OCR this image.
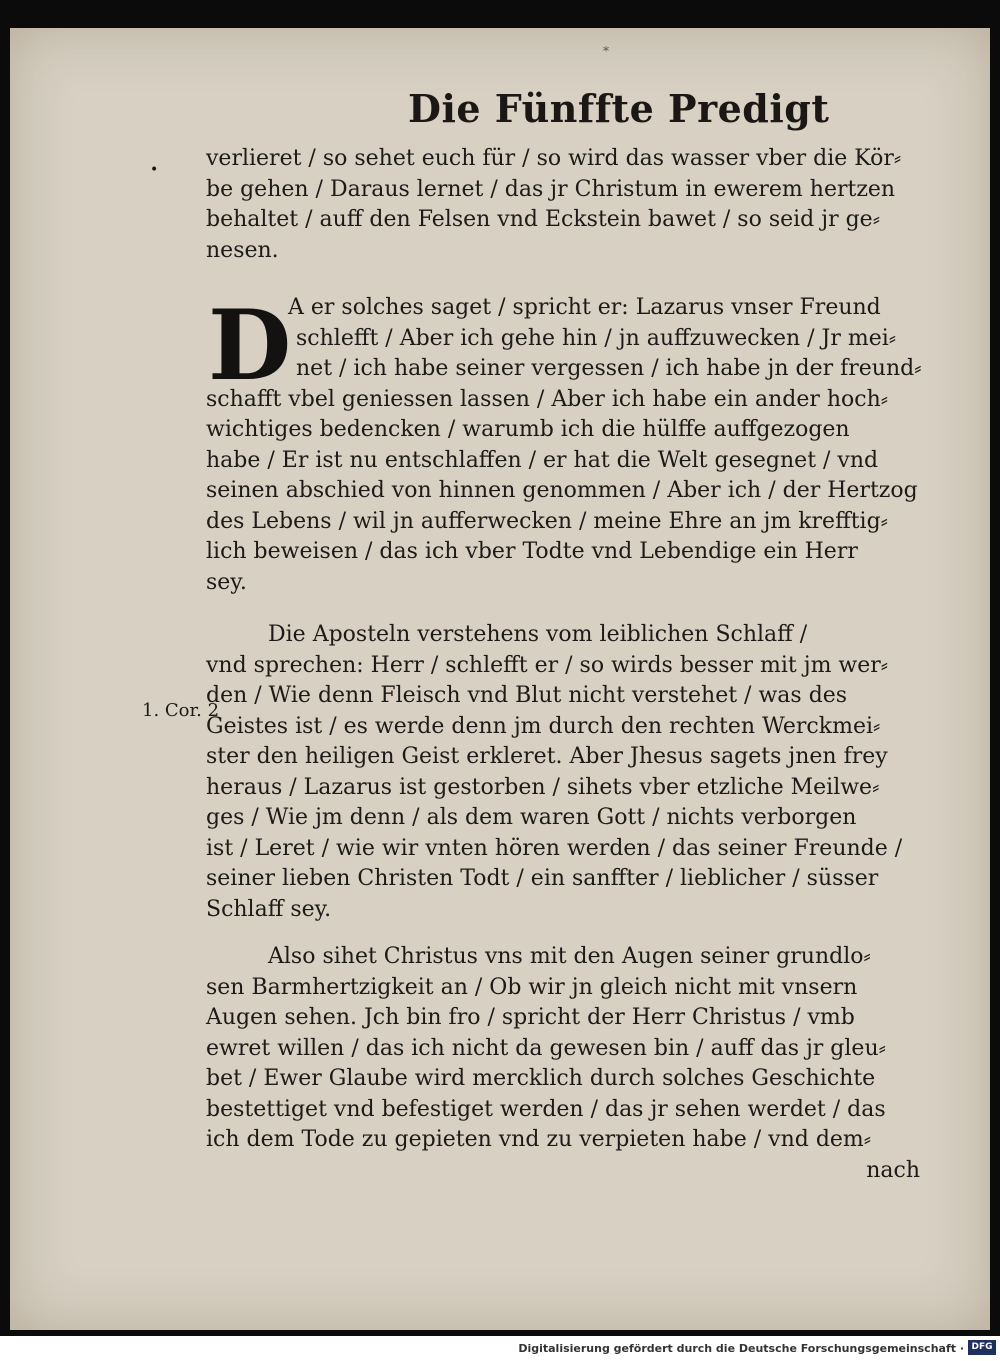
*
Die Fünffte Predigt
• verlieret / so sehet euch für / so wird das wasser vber die Kör⸗
be gehen / Daraus lernet / das jr Christum in ewerem hertzen
behaltet / auff den Felsen vnd Eckstein bawet / so seid jr ge⸗
nesen.
D
A er solches saget / spricht er: Lazarus vnser Freund
schlefft / Aber ich gehe hin / jn auffzuwecken / Jr mei⸗
net / ich habe seiner vergessen / ich habe jn der freund⸗
schafft vbel geniessen lassen / Aber ich habe ein ander hoch⸗
wichtiges bedencken / warumb ich die hülffe auffgezogen
habe / Er ist nu entschlaffen / er hat die Welt gesegnet / vnd
seinen abschied von hinnen genommen / Aber ich / der Hertzog
des Lebens / wil jn aufferwecken / meine Ehre an jm krefftig⸗
lich beweisen / das ich vber Todte vnd Lebendige ein Herr
sey.
1. Cor. 2
Die Aposteln verstehens vom leiblichen Schlaff /
vnd sprechen: Herr / schlefft er / so wirds besser mit jm wer⸗
den / Wie denn Fleisch vnd Blut nicht verstehet / was des
Geistes ist / es werde denn jm durch den rechten Werckmei⸗
ster den heiligen Geist erkleret. Aber Jhesus sagets jnen frey
heraus / Lazarus ist gestorben / sihets vber etzliche Meilwe⸗
ges / Wie jm denn / als dem waren Gott / nichts verborgen
ist / Leret / wie wir vnten hören werden / das seiner Freunde /
seiner lieben Christen Todt / ein sanffter / lieblicher / süsser
Schlaff sey.
Also sihet Christus vns mit den Augen seiner grundlo⸗
sen Barmhertzigkeit an / Ob wir jn gleich nicht mit vnsern
Augen sehen. Jch bin fro / spricht der Herr Christus / vmb
ewret willen / das ich nicht da gewesen bin / auff das jr gleu⸗
bet / Ewer Glaube wird mercklich durch solches Geschichte
bestettiget vnd befestiget werden / das jr sehen werdet / das
ich dem Tode zu gepieten vnd zu verpieten habe / vnd dem⸗
nach
Digitalisierung gefördert durch die Deutsche Forschungsgemeinschaft · DFG
